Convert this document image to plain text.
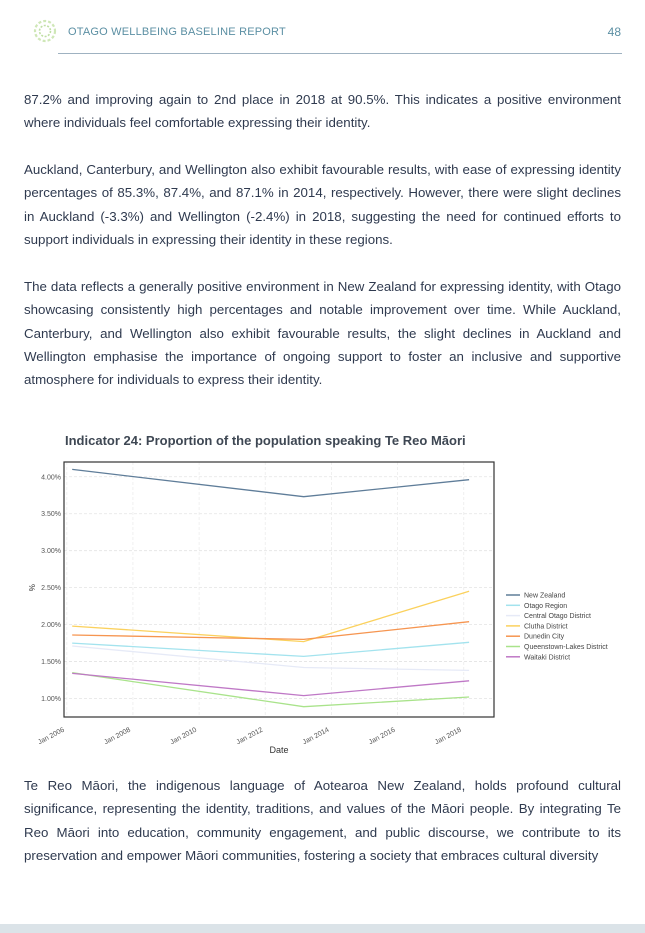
OTAGO WELLBEING BASELINE REPORT	48

87.2% and improving again to 2nd place in 2018 at 90.5%. This indicates a positive environment where individuals feel comfortable expressing their identity.

Auckland, Canterbury, and Wellington also exhibit favourable results, with ease of expressing identity percentages of 85.3%, 87.4%, and 87.1% in 2014, respectively. However, there were slight declines in Auckland (-3.3%) and Wellington (-2.4%) in 2018, suggesting the need for continued efforts to support individuals in expressing their identity in these regions.

The data reflects a generally positive environment in New Zealand for expressing identity, with Otago showcasing consistently high percentages and notable improvement over time. While Auckland, Canterbury, and Wellington also exhibit favourable results, the slight declines in Auckland and Wellington emphasise the importance of ongoing support to foster an inclusive and supportive atmosphere for individuals to express their identity.

Indicator 24: Proportion of the population speaking Te Reo Māori
1.00%
1.50%
2.00%
2.50%
3.00%
3.50%
4.00%
Jan 2006	Jan 2008	Jan 2010	Jan 2012	Jan 2014	Jan 2016	Jan 2018
Date
%
New Zealand
Otago Region
Central Otago District
Clutha District
Dunedin City
Queenstown-Lakes District
Waitaki District

Te Reo Māori, the indigenous language of Aotearoa New Zealand, holds profound cultural significance, representing the identity, traditions, and values of the Māori people. By integrating Te Reo Māori into education, community engagement, and public discourse, we contribute to its preservation and empower Māori communities, fostering a society that embraces cultural diversity
